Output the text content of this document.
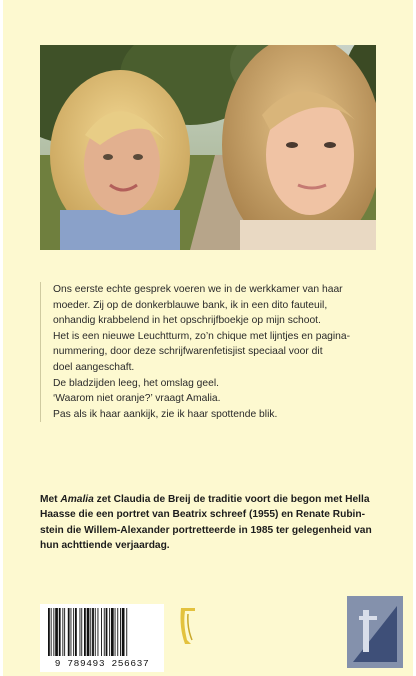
Ons eerste echte gesprek voeren we in de werkkamer van haar

moeder. Zij op de donkerblauwe bank, ik in een dito fauteuil,

onhandig krabbelend in het opschrijfboekje op mijn schoot.

Het is een nieuwe Leuchtturm, zo’n chique met lijntjes en pagina-

nummering, door deze schrijfwarenfetisjist speciaal voor dit

doel aangeschaft.

De bladzijden leeg, het omslag geel.

‘Waarom niet oranje?’ vraagt Amalia.

Pas als ik haar aankijk, zie ik haar spottende blik.

Met Amalia zet Claudia de Breij de traditie voort die begon met Hella

Haasse die een portret van Beatrix schreef (1955) en Renate Rubin-

stein die Willem-Alexander portretteerde in 1985 ter gelegenheid van

hun achttiende verjaardag.

9 789493 256637
